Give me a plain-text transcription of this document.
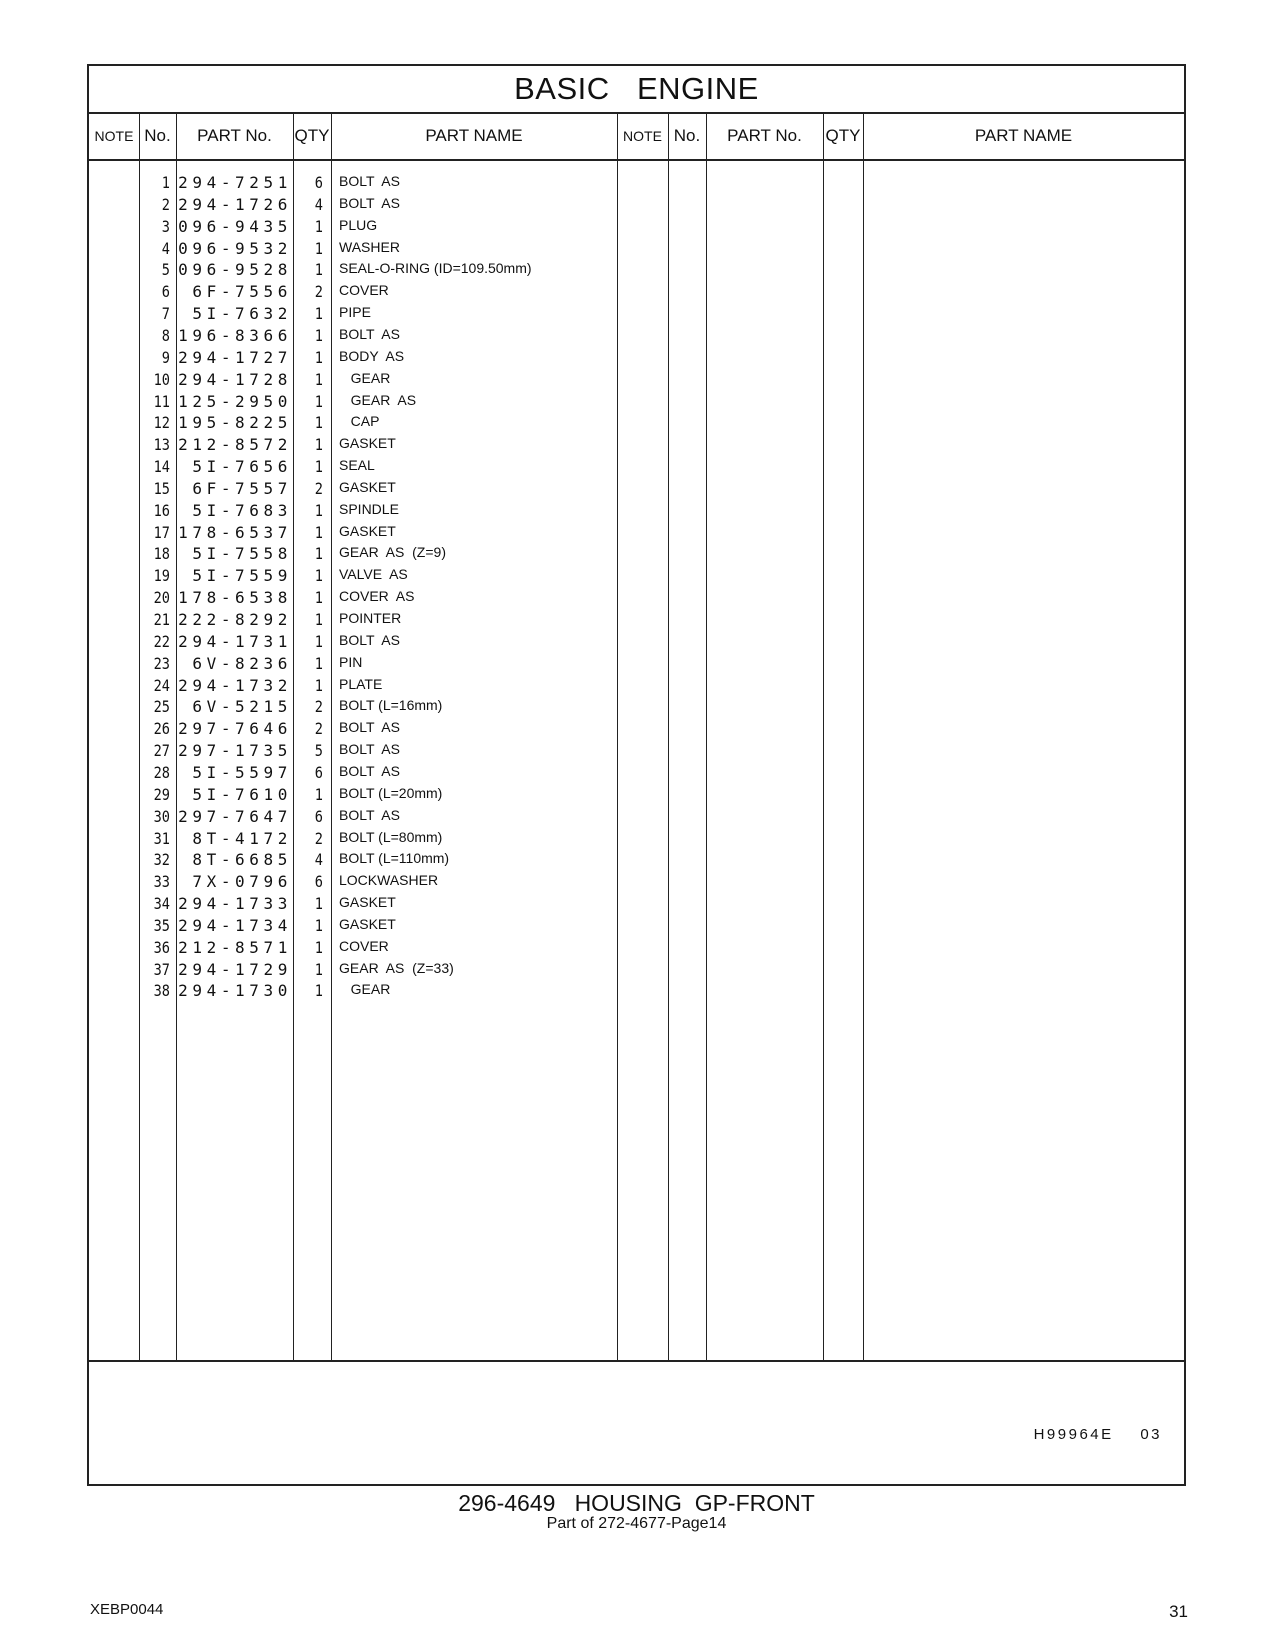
BASIC   ENGINE
NOTE No.	PART No.	QTY	PART NAME	NOTE No.	PART No.	QTY	PART NAME
1 294-7251	6 BOLT  AS
2 294-1726	4 BOLT  AS
3 096-9435	1 PLUG
4 096-9532	1 WASHER
5 096-9528	1 SEAL-O-RING (ID=109.50mm)
6	6F-7556	2 COVER
7	5I-7632	1 PIPE
8 196-8366	1 BOLT  AS
9 294-1727	1 BODY  AS
10 294-1728	1 GEAR
11 125-2950	1 GEAR  AS
12 195-8225	1 CAP
13 212-8572	1 GASKET
14	5I-7656	1 SEAL
15	6F-7557	2 GASKET
16	5I-7683	1 SPINDLE
17 178-6537	1 GASKET
18	5I-7558	1 GEAR  AS  (Z=9)
19	5I-7559	1 VALVE  AS
20 178-6538	1 COVER  AS
21 222-8292	1 POINTER
22 294-1731	1 BOLT  AS
23	6V-8236	1 PIN
24 294-1732	1 PLATE
25	6V-5215	2 BOLT (L=16mm)
26 297-7646	2 BOLT  AS
27 297-1735	5 BOLT  AS
28	5I-5597	6 BOLT  AS
29	5I-7610	1 BOLT (L=20mm)
30 297-7647	6 BOLT  AS
31	8T-4172	2 BOLT (L=80mm)
32	8T-6685	4 BOLT (L=110mm)
33	7X-0796	6 LOCKWASHER
34 294-1733	1 GASKET
35 294-1734	1 GASKET
36 212-8571	1 COVER
37 294-1729	1 GEAR  AS  (Z=33)
38 294-1730	1 GEAR
H99964E    03
296-4649   HOUSING  GP-FRONT
Part of 272-4677-Page14
XEBP0044	31
